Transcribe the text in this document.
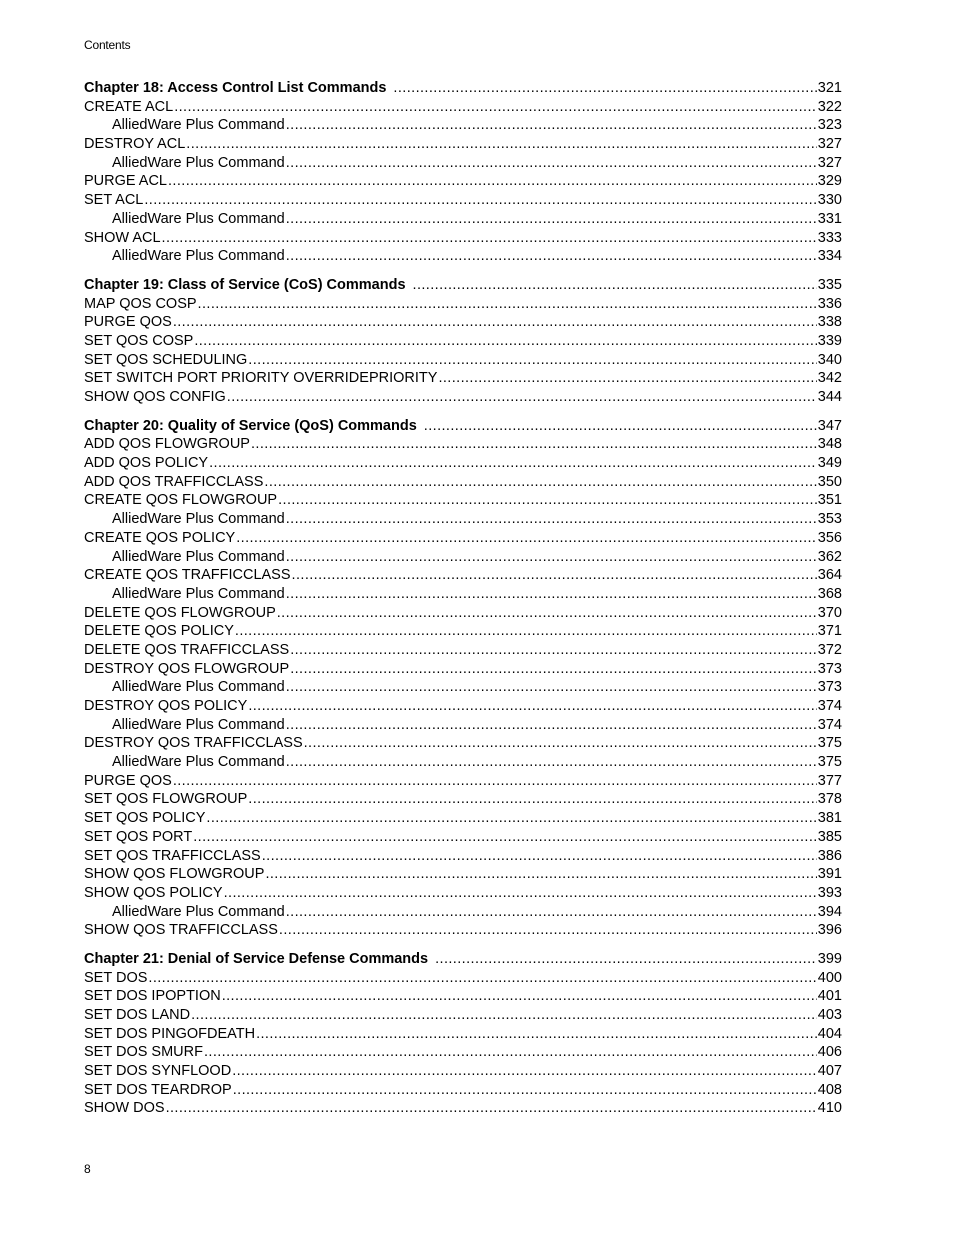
Contents
Chapter 18: Access Control List Commands .....	321
CREATE ACL .....	322
AlliedWare Plus Command .....	323
DESTROY ACL .....	327
AlliedWare Plus Command .....	327
PURGE ACL .....	329
SET ACL .....	330
AlliedWare Plus Command .....	331
SHOW ACL .....	333
AlliedWare Plus Command .....	334
Chapter 19: Class of Service (CoS) Commands .....	335
MAP QOS COSP .....	336
PURGE QOS .....	338
SET QOS COSP .....	339
SET QOS SCHEDULING .....	340
SET SWITCH PORT PRIORITY OVERRIDEPRIORITY .....	342
SHOW QOS CONFIG .....	344
Chapter 20: Quality of Service (QoS) Commands .....	347
ADD QOS FLOWGROUP .....	348
ADD QOS POLICY .....	349
ADD QOS TRAFFICCLASS .....	350
CREATE QOS FLOWGROUP .....	351
AlliedWare Plus Command .....	353
CREATE QOS POLICY .....	356
AlliedWare Plus Command .....	362
CREATE QOS TRAFFICCLASS .....	364
AlliedWare Plus Command .....	368
DELETE QOS FLOWGROUP .....	370
DELETE QOS POLICY .....	371
DELETE QOS TRAFFICCLASS .....	372
DESTROY QOS FLOWGROUP .....	373
AlliedWare Plus Command .....	373
DESTROY QOS POLICY .....	374
AlliedWare Plus Command .....	374
DESTROY QOS TRAFFICCLASS .....	375
AlliedWare Plus Command .....	375
PURGE QOS .....	377
SET QOS FLOWGROUP .....	378
SET QOS POLICY .....	381
SET QOS PORT .....	385
SET QOS TRAFFICCLASS .....	386
SHOW QOS FLOWGROUP .....	391
SHOW QOS POLICY .....	393
AlliedWare Plus Command .....	394
SHOW QOS TRAFFICCLASS .....	396
Chapter 21: Denial of Service Defense Commands .....	399
SET DOS .....	400
SET DOS IPOPTION .....	401
SET DOS LAND .....	403
SET DOS PINGOFDEATH .....	404
SET DOS SMURF .....	406
SET DOS SYNFLOOD .....	407
SET DOS TEARDROP .....	408
SHOW DOS .....	410
8
